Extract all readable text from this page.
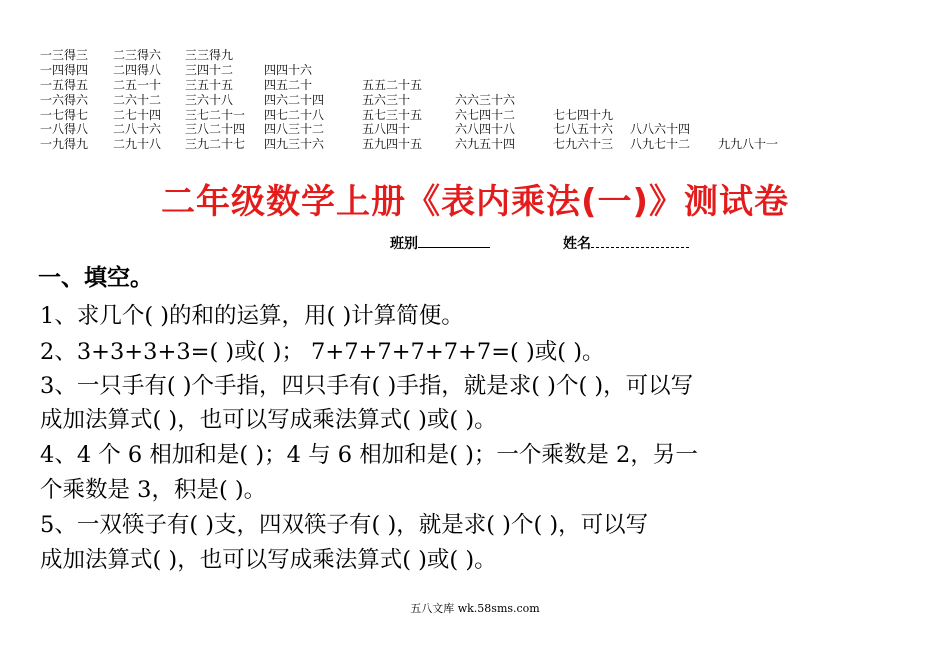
一三得三 二三得六 三三得九
一四得四 二四得八 三四十二	四四十六
一五得五 二五一十 三五十五	四五二十	五五二十五
一六得六 二六十二 三六十八	四六二十四	五六三十	六六三十六
一七得七 二七十四 三七二十一 四七二十八	五七三十五	六七四十二	七七四十九
一八得八 二八十六 三八二十四 四八三十二	五八四十	六八四十八	七八五十六 八八六十四
一九得九 二九十八 三九二十七 四九三十六	五九四十五	六九五十四	七九六十三 八九七十二 九九八十一
二年级数学上册《表内乘法(一)》测试卷
班别	姓名
一、填空。
1、求几个( )的和的运算，用( )计算简便。
2、3+3+3+3=( )或( )； 7+7+7+7+7+7=( )或( )。
3、一只手有( )个手指，四只手有( )手指，就是求( )个( )，可以写
成加法算式( )，也可以写成乘法算式( )或( )。
4、4 个 6 相加和是( )；4 与 6 相加和是( )；一个乘数是 2，另一
个乘数是 3，积是( )。
5、一双筷子有( )支，四双筷子有( )，就是求( )个( )，可以写
成加法算式( )，也可以写成乘法算式( )或( )。
五八文库 wk.58sms.com
